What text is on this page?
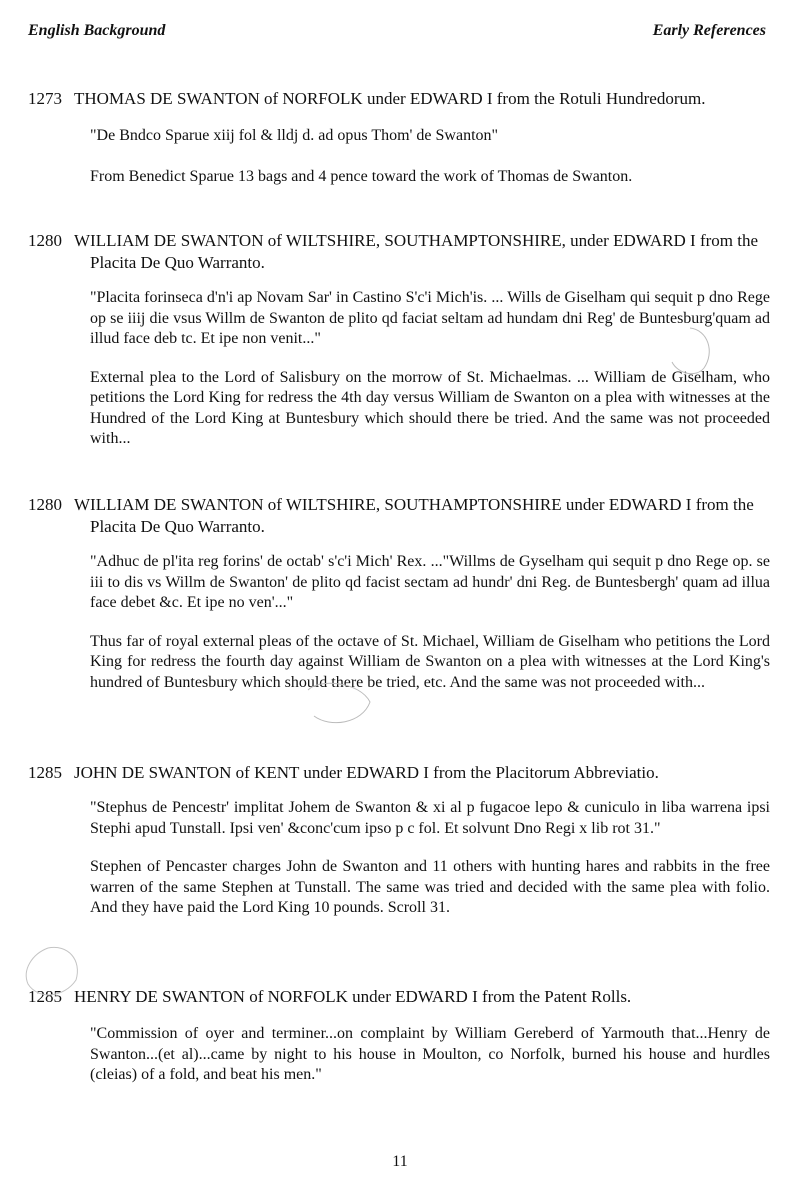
English Background	Early References
1273 THOMAS DE SWANTON of NORFOLK under EDWARD I from the Rotuli Hundredorum.

"De Bndco Sparue xiij fol & lldj d. ad opus Thom' de Swanton"

From Benedict Sparue 13 bags and 4 pence toward the work of Thomas de Swanton.

1280 WILLIAM DE SWANTON of WILTSHIRE, SOUTHAMPTONSHIRE, under EDWARD I from the Placita De Quo Warranto.

"Placita forinseca d'n'i ap Novam Sar' in Castino S'c'i Mich'is. ... Wills de Giselham qui sequit p dno Rege op se iiij die vsus Willm de Swanton de plito qd faciat seltam ad hundam dni Reg' de Buntesburg'quam ad illud face deb tc. Et ipe non venit..."

External plea to the Lord of Salisbury on the morrow of St. Michaelmas. ... William de Giselham, who petitions the Lord King for redress the 4th day versus William de Swanton on a plea with witnesses at the Hundred of the Lord King at Buntesbury which should there be tried. And the same was not proceeded with...

1280 WILLIAM DE SWANTON of WILTSHIRE, SOUTHAMPTONSHIRE under EDWARD I from the Placita De Quo Warranto.

"Adhuc de pl'ita reg forins' de octab' s'c'i Mich' Rex. ..."Willms de Gyselham qui sequit p dno Rege op. se iii to dis vs Willm de Swanton' de plito qd facist sectam ad hundr' dni Reg. de Buntesbergh' quam ad illua face debet &c. Et ipe no ven'..."

Thus far of royal external pleas of the octave of St. Michael, William de Giselham who petitions the Lord King for redress the fourth day against William de Swanton on a plea with witnesses at the Lord King's hundred of Buntesbury which should there be tried, etc. And the same was not proceeded with...

1285 JOHN DE SWANTON of KENT under EDWARD I from the Placitorum Abbreviatio.

"Stephus de Pencestr' implitat Johem de Swanton & xi al p fugacoe lepo & cuniculo in liba warrena ipsi Stephi apud Tunstall. Ipsi ven' &conc'cum ipso p c fol. Et solvunt Dno Regi x lib rot 31."

Stephen of Pencaster charges John de Swanton and 11 others with hunting hares and rabbits in the free warren of the same Stephen at Tunstall. The same was tried and decided with the same plea with folio. And they have paid the Lord King 10 pounds. Scroll 31.

1285 HENRY DE SWANTON of NORFOLK under EDWARD I from the Patent Rolls.

"Commission of oyer and terminer...on complaint by William Gereberd of Yarmouth that...Henry de Swanton...(et al)...came by night to his house in Moulton, co Norfolk, burned his house and hurdles (cleias) of a fold, and beat his men."

11
